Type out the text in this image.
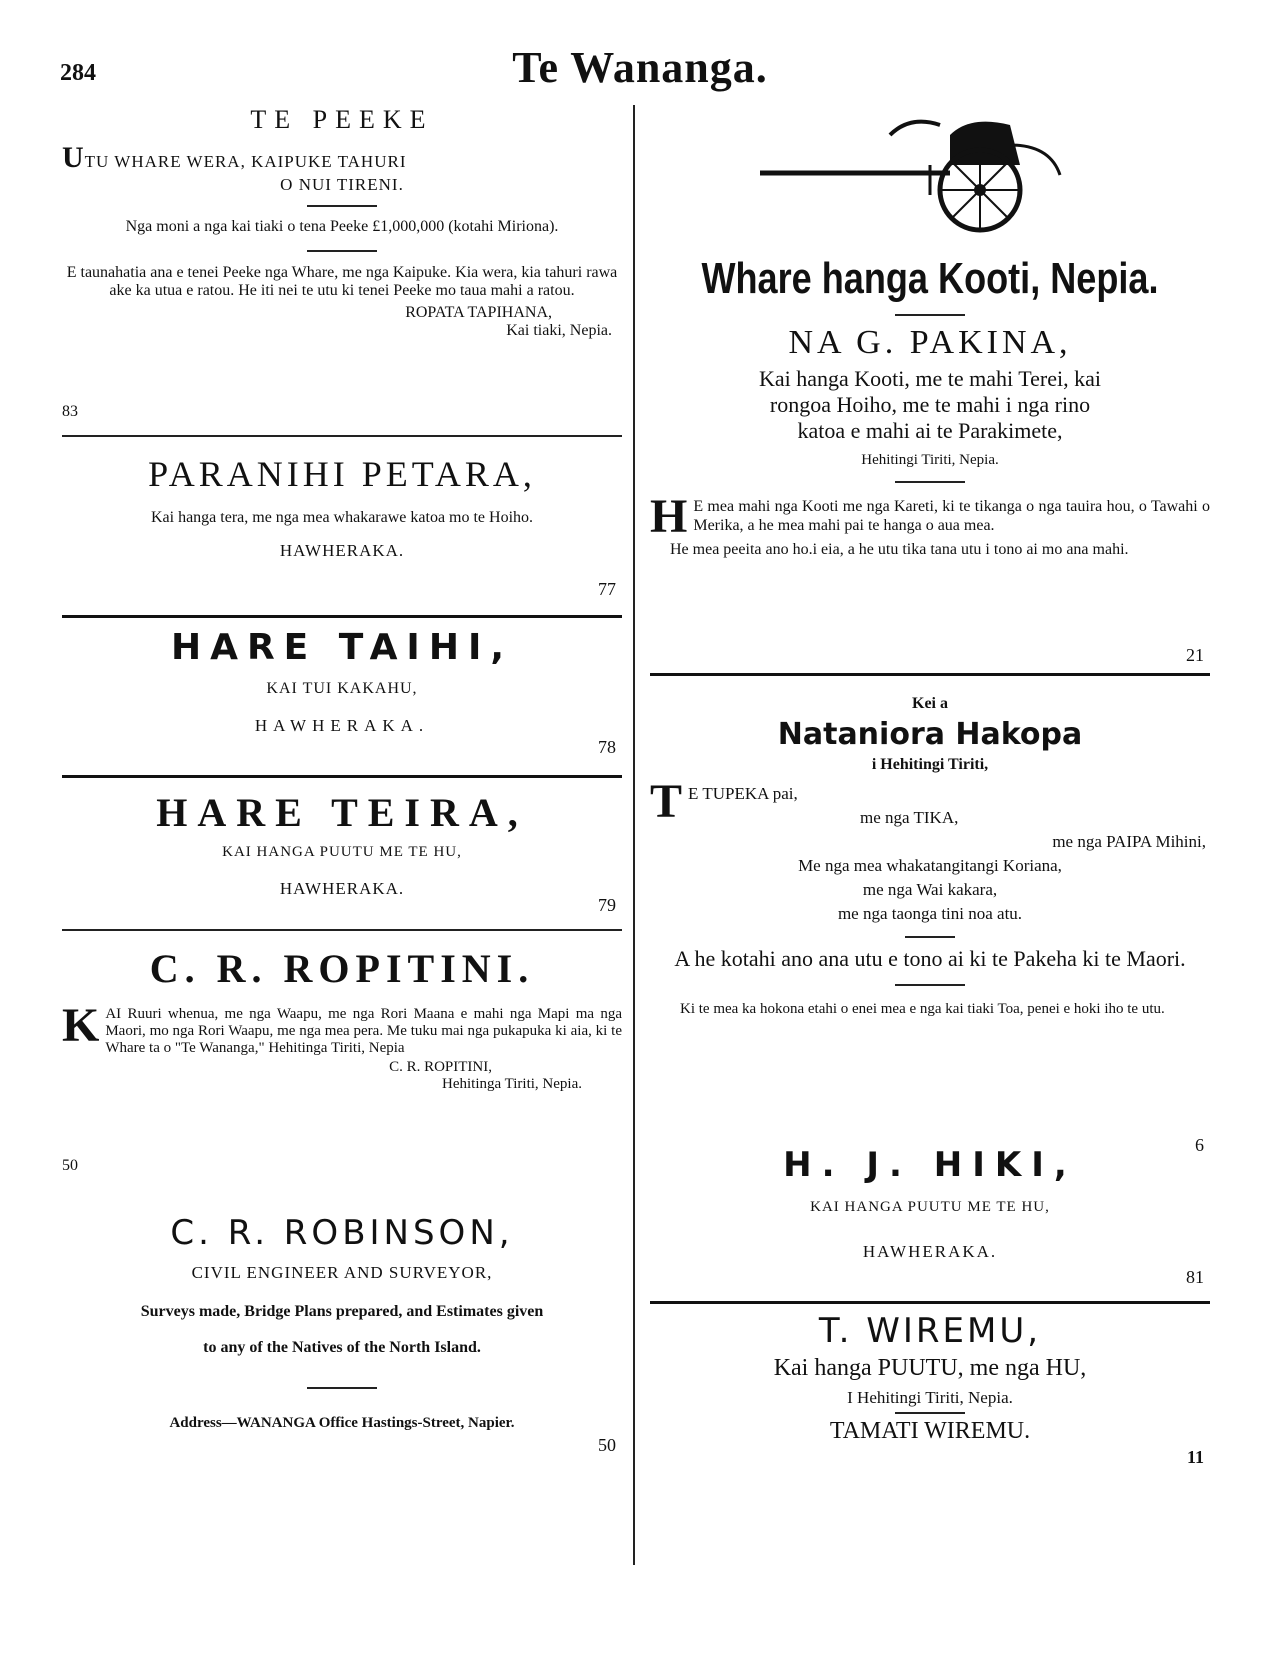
284	Te Wananga.
TE PEEKE
UTU WHARE WERA, KAIPUKE TAHURI
O NUI TIRENI.
Nga moni a nga kai tiaki o tena Peeke £1,000,000 (kotahi Miriona).
E taunahatia ana e tenei Peeke nga Whare, me nga Kaipuke. Kia wera, kia tahuri rawa ake ka utua e ratou. He iti nei te utu ki tenei Peeke mo taua mahi a ratou.
ROPATA TAPIHANA,
Kai tiaki, Nepia.
83
PARANIHI PETARA,
Kai hanga tera, me nga mea whakarawe katoa mo te Hoiho.
HAWHERAKA.
77
HARE TAIHI,
KAI TUI KAKAHU,
HAWHERAKA.
78
HARE TEIRA,
KAI HANGA PUUTU ME TE HU,
HAWHERAKA.
79
C. R. ROPITINI.
KAI Ruuri whenua, me nga Waapu, me nga Rori Maana e mahi nga Mapi ma nga Maori, mo nga Rori Waapu, me nga mea pera. Me tuku mai nga pukapuka ki aia, ki te Whare ta o "Te Wananga," Hehitinga Tiriti, Nepia
C. R. ROPITINI,
Hehitinga Tiriti, Nepia.
50
C. R. ROBINSON,
CIVIL ENGINEER AND SURVEYOR,
Surveys made, Bridge Plans prepared, and Estimates given
to any of the Natives of the North Island.
Address—WANANGA Office Hastings-Street, Napier.
50
Whare hanga Kooti, Nepia.
NA G. PAKINA,
Kai hanga Kooti, me te mahi Terei, kai
rongoa Hoiho, me te mahi i nga rino
katoa e mahi ai te Parakimete,
Hehitingi Tiriti, Nepia.
H E mea mahi nga Kooti me nga Kareti, ki te tikanga o nga tauira hou, o Tawahi o Merika, a he mea mahi pai te hanga o aua mea.
He mea peeita ano ho.i eia, a he utu tika tana utu i tono ai mo ana mahi.
21
Kei a
Nataniora Hakopa
i Hehitingi Tiriti,
T E TUPEKA pai,
me nga TIKA,
me nga PAIPA Mihini,
Me nga mea whakatangitangi Koriana,
me nga Wai kakara,
me nga taonga tini noa atu.
A he kotahi ano ana utu e tono ai ki te Pakeha ki te Maori.
Ki te mea ka hokona etahi o enei mea e nga kai tiaki Toa, penei e hoki iho te utu.
6
H. J. HIKI,
KAI HANGA PUUTU ME TE HU,
HAWHERAKA.
81
T. WIREMU,
Kai hanga PUUTU, me nga HU,
I Hehitingi Tiriti, Nepia.
TAMATI WIREMU.
11
